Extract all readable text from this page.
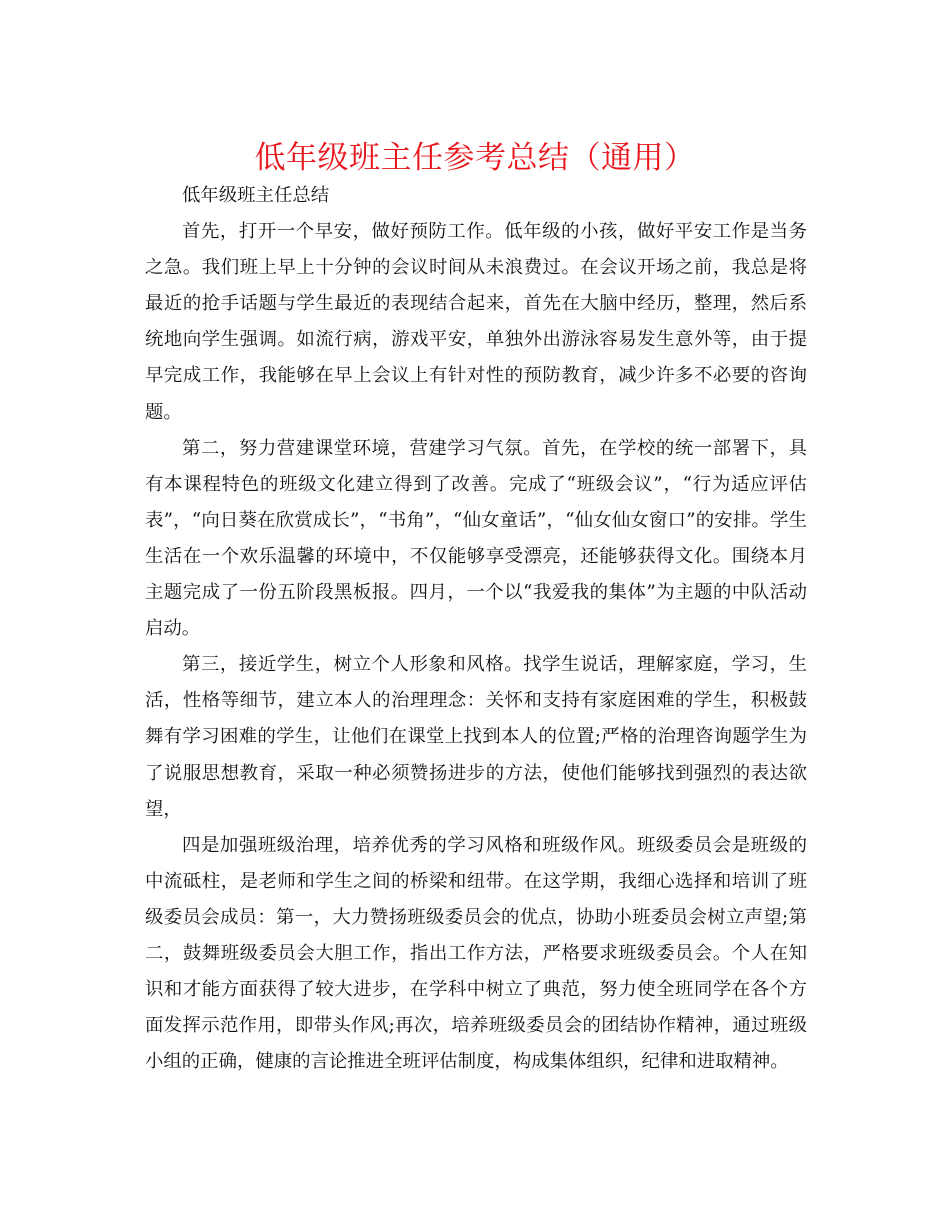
低年级班主任参考总结（通用）

低年级班主任总结

首先，打开一个早安，做好预防工作。低年级的小孩，做好平安工作是当务之急。我们班上早上十分钟的会议时间从未浪费过。在会议开场之前，我总是将最近的抢手话题与学生最近的表现结合起来，首先在大脑中经历，整理，然后系统地向学生强调。如流行病，游戏平安，单独外出游泳容易发生意外等，由于提早完成工作，我能够在早上会议上有针对性的预防教育，减少许多不必要的咨询题。

第二，努力营建课堂环境，营建学习气氛。首先，在学校的统一部署下，具有本课程特色的班级文化建立得到了改善。完成了“班级会议”，“行为适应评估表”，“向日葵在欣赏成长”，“书角”，“仙女童话”，“仙女仙女窗口”的安排。学生生活在一个欢乐温馨的环境中，不仅能够享受漂亮，还能够获得文化。围绕本月主题完成了一份五阶段黑板报。四月，一个以“我爱我的集体”为主题的中队活动启动。

第三，接近学生，树立个人形象和风格。找学生说话，理解家庭，学习，生活，性格等细节，建立本人的治理理念：关怀和支持有家庭困难的学生，积极鼓舞有学习困难的学生，让他们在课堂上找到本人的位置;严格的治理咨询题学生为了说服思想教育，采取一种必须赞扬进步的方法，使他们能够找到强烈的表达欲望，

四是加强班级治理，培养优秀的学习风格和班级作风。班级委员会是班级的中流砥柱，是老师和学生之间的桥梁和纽带。在这学期，我细心选择和培训了班级委员会成员：第一，大力赞扬班级委员会的优点，协助小班委员会树立声望;第二，鼓舞班级委员会大胆工作，指出工作方法，严格要求班级委员会。个人在知识和才能方面获得了较大进步，在学科中树立了典范，努力使全班同学在各个方面发挥示范作用，即带头作风;再次，培养班级委员会的团结协作精神，通过班级小组的正确，健康的言论推进全班评估制度，构成集体组织，纪律和进取精神。
